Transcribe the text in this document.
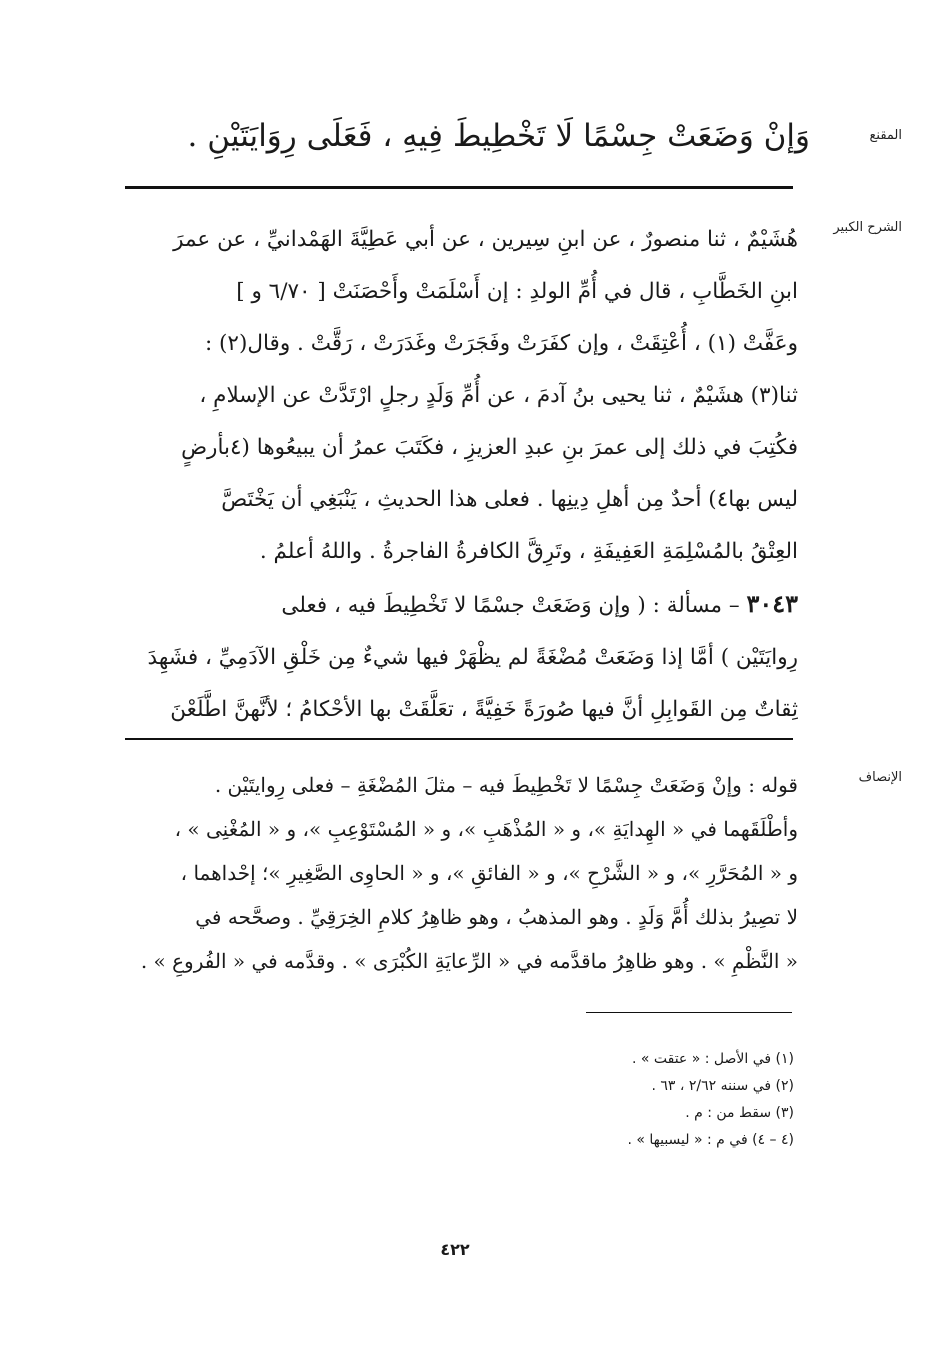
المقنع
وَإنْ وَضَعَتْ جِسْمًا لَا تَخْطِيطَ فِيهِ ، فَعَلَى رِوَايَتَيْنِ .
الشرح الكبير
هُشَيْمٌ ، ثنا منصورٌ ، عن ابنِ سِيرين ، عن أبي عَطِيَّةَ الهَمْدانيِّ ، عن عمرَ
ابنِ الخَطَّابِ ، قال في أُمِّ الولدِ : إن أَسْلَمَتْ وأَحْصَنَتْ [ ٦/٧٠ و ]
وعَفَّتْ (١) ، أُعْتِقَتْ ، وإن كفَرَتْ وفَجَرَتْ وغَدَرَتْ ، رَقَّتْ . وقال(٢) :
ثنا(٣) هشَيْمٌ ، ثنا يحيى بنُ آدمَ ، عن أُمِّ وَلَدٍ رجلٍ ارْتَدَّتْ عن الإسلامِ ،
فكُتِبَ في ذلك إلى عمرَ بنِ عبدِ العزيزِ ، فكَتَبَ عمرُ أن يبيعُوها (٤بأرضٍ
ليس بها٤) أحدٌ مِن أهلِ دِينِها . فعلى هذا الحديثِ ، يَنْبَغِي أن يَخْتَصَّ
العِتْقُ بالمُسْلِمَةِ العَفِيفَةِ ، وتَرِقَّ الكافرةُ الفاجرةُ . واللهُ أعلمُ .
٣٠٤٣ – مسألة : ( وإن وَضَعَتْ جسْمًا لا تَخْطِيطَ فيه ، فعلى
رِوايَتَيْن ) أمَّا إذا وَضَعَتْ مُضْغَةً لم يظْهَرْ فيها شيءٌ مِن خَلْقِ الآدَمِيِّ ، فشَهِدَ
ثِقاتٌ مِن القَوابِلِ أنَّ فيها صُورَةً خَفِيَّةً ، تعَلَّقَتْ بها الأحْكامُ ؛ لأنَّهنَّ اطَّلَعْنَ
الإنصاف
قوله : وإنْ وَضَعَتْ جِسْمًا لا تَخْطِيطَ فيه – مثلَ المُضْغَةِ – فعلى رِوايتَيْن .
وأطْلَقَهما في « الهِدايَةِ »، و « المُذْهَبِ »، و « المُسْتَوْعِبِ »، و « المُغْنِى » ،
و « المُحَرَّرِ »، و « الشَّرْحِ »، و « الفائقِ »، و « الحاوِى الصَّغِيرِ »؛ إحْداهما ،
لا تصِيرُ بذلك أُمَّ وَلَدٍ . وهو المذهبُ ، وهو ظاهِرُ كلامِ الخِرَقِيِّ . وصحَّحه في
« النَّظْمِ » . وهو ظاهِرُ ماقدَّمه في « الرِّعايَةِ الكُبْرَى » . وقدَّمه في « الفُروعِ » .
(١) في الأصل : « عتقت » .
(٢) في سننه ٢/٦٢ ، ٦٣ .
(٣) سقط من : م .
(٤ – ٤) في م : « ليسبيها » .
٤٢٢
